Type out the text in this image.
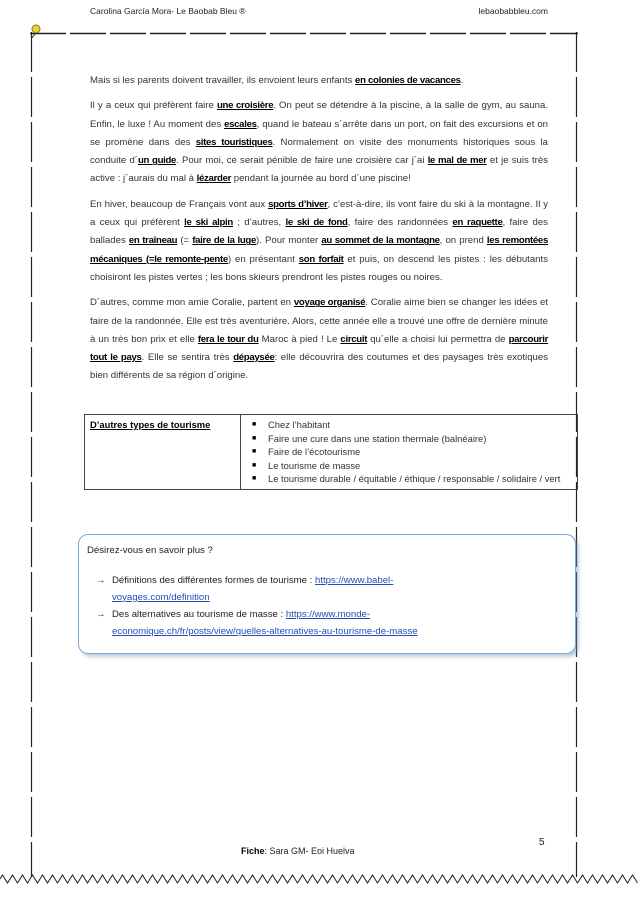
Carolina García Mora- Le Baobab Bleu ®	lebaobabbleu.com

Mais si les parents doivent travailler, ils envoient leurs enfants en colonies de vacances.

Il y a ceux qui préfèrent faire une croisière. On peut se détendre à la piscine, à la salle de gym, au sauna. Enfin, le luxe ! Au moment des escales, quand le bateau s´arrête dans un port, on fait des excursions et on se promène dans des sites touristiques. Normalement on visite des monuments historiques sous la conduite d´un guide. Pour moi, ce serait pénible de faire une croisière car j´ai le mal de mer et je suis très active : j´aurais du mal à lézarder pendant la journée au bord d´une piscine!

En hiver, beaucoup de Français vont aux sports d’hiver, c’est-à-dire, ils vont faire du ski à la montagne. Il y a ceux qui préfèrent le ski alpin ; d’autres, le ski de fond, faire des randonnées en raquette, faire des ballades en traîneau (= faire de la luge). Pour monter au sommet de la montagne, on prend les remontées mécaniques (=le remonte-pente) en présentant son forfait et puis, on descend les pistes : les débutants choisiront les pistes vertes ; les bons skieurs prendront les pistes rouges ou noires.

D´autres, comme mon amie Coralie, partent en voyage organisé. Coralie aime bien se changer les idées et faire de la randonnée. Elle est très aventurière. Alors, cette année elle a trouvé une offre de dernière minute à un très bon prix et elle fera le tour du Maroc à pied ! Le circuit qu´elle a choisi lui permettra de parcourir tout le pays. Elle se sentira très dépaysée: elle découvrira des coutumes et des paysages très exotiques bien différents de sa région d´origine.

D’autres types de tourisme	
■Chez l’habitant
■ Faire une cure dans une station thermale (balnéaire)
■ Faire de l’écotourisme
■ Le tourisme de masse
■ Le tourisme durable / équitable / éthique / responsable / solidaire / vert
Désirez-vous en savoir plus ?
→ Définitions des différentes formes de tourisme : https://www.babel-
voyages.com/definition
→ Des alternatives au tourisme de masse : https://www.monde-
economique.ch/fr/posts/view/quelles-alternatives-au-tourisme-de-masse
5
Fiche: Sara GM- Eoi Huelva
